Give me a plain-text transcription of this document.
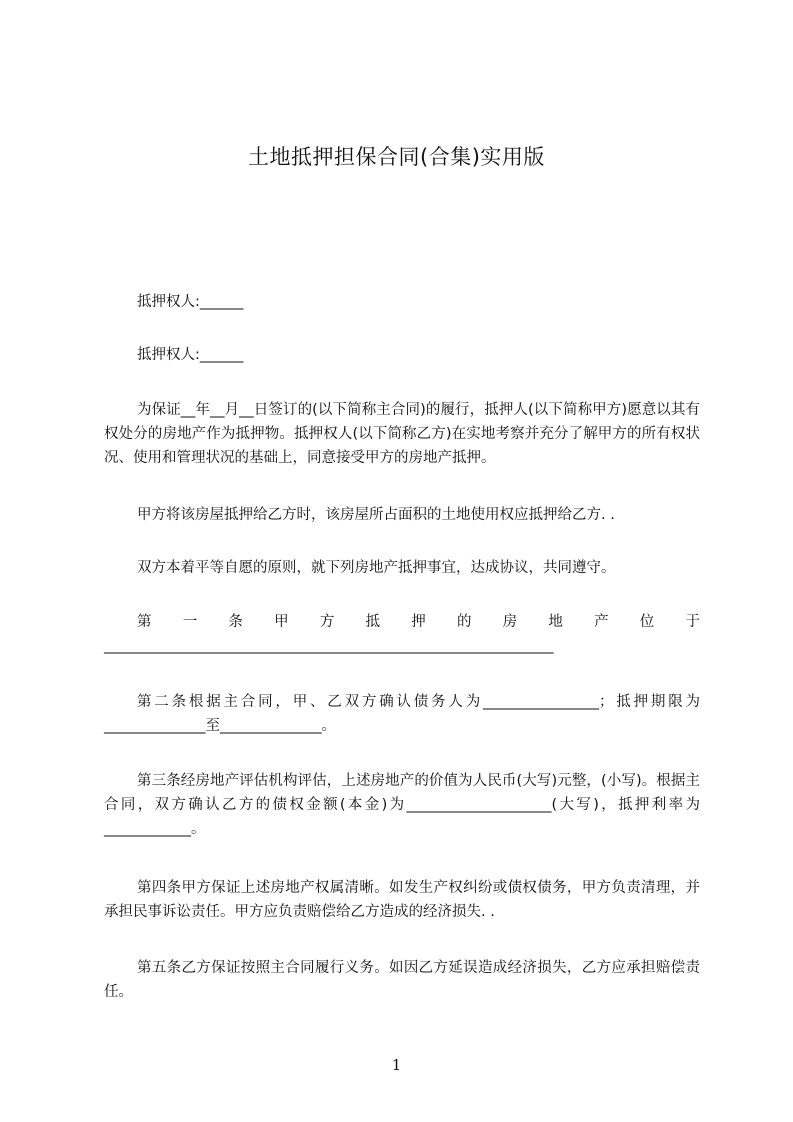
土地抵押担保合同(合集)实用版
抵押权人:______
抵押权人:______
为保证__年__月__日签订的(以下简称主合同)的履行，抵押人(以下简称甲方)愿意以其有权处分的房地产作为抵押物。抵押权人(以下简称乙方)在实地考察并充分了解甲方的所有权状况、使用和管理状况的基础上，同意接受甲方的房地产抵押。
甲方将该房屋抵押给乙方时，该房屋所占面积的土地使用权应抵押给乙方. .
双方本着平等自愿的原则，就下列房地产抵押事宜，达成协议，共同遵守。
第一条甲方抵押的房地产位于______________________________________________________________
第二条根据主合同，甲、乙双方确认债务人为________________；抵押期限为______________至______________。
第三条经房地产评估机构评估，上述房地产的价值为人民币(大写)元整，(小写)。根据主合同，双方确认乙方的债权金额(本金)为____________________(大写)，抵押利率为____________。
第四条甲方保证上述房地产权属清晰。如发生产权纠纷或债权债务，甲方负责清理，并承担民事诉讼责任。甲方应负责赔偿给乙方造成的经济损失. .
第五条乙方保证按照主合同履行义务。如因乙方延误造成经济损失，乙方应承担赔偿责任。
1
